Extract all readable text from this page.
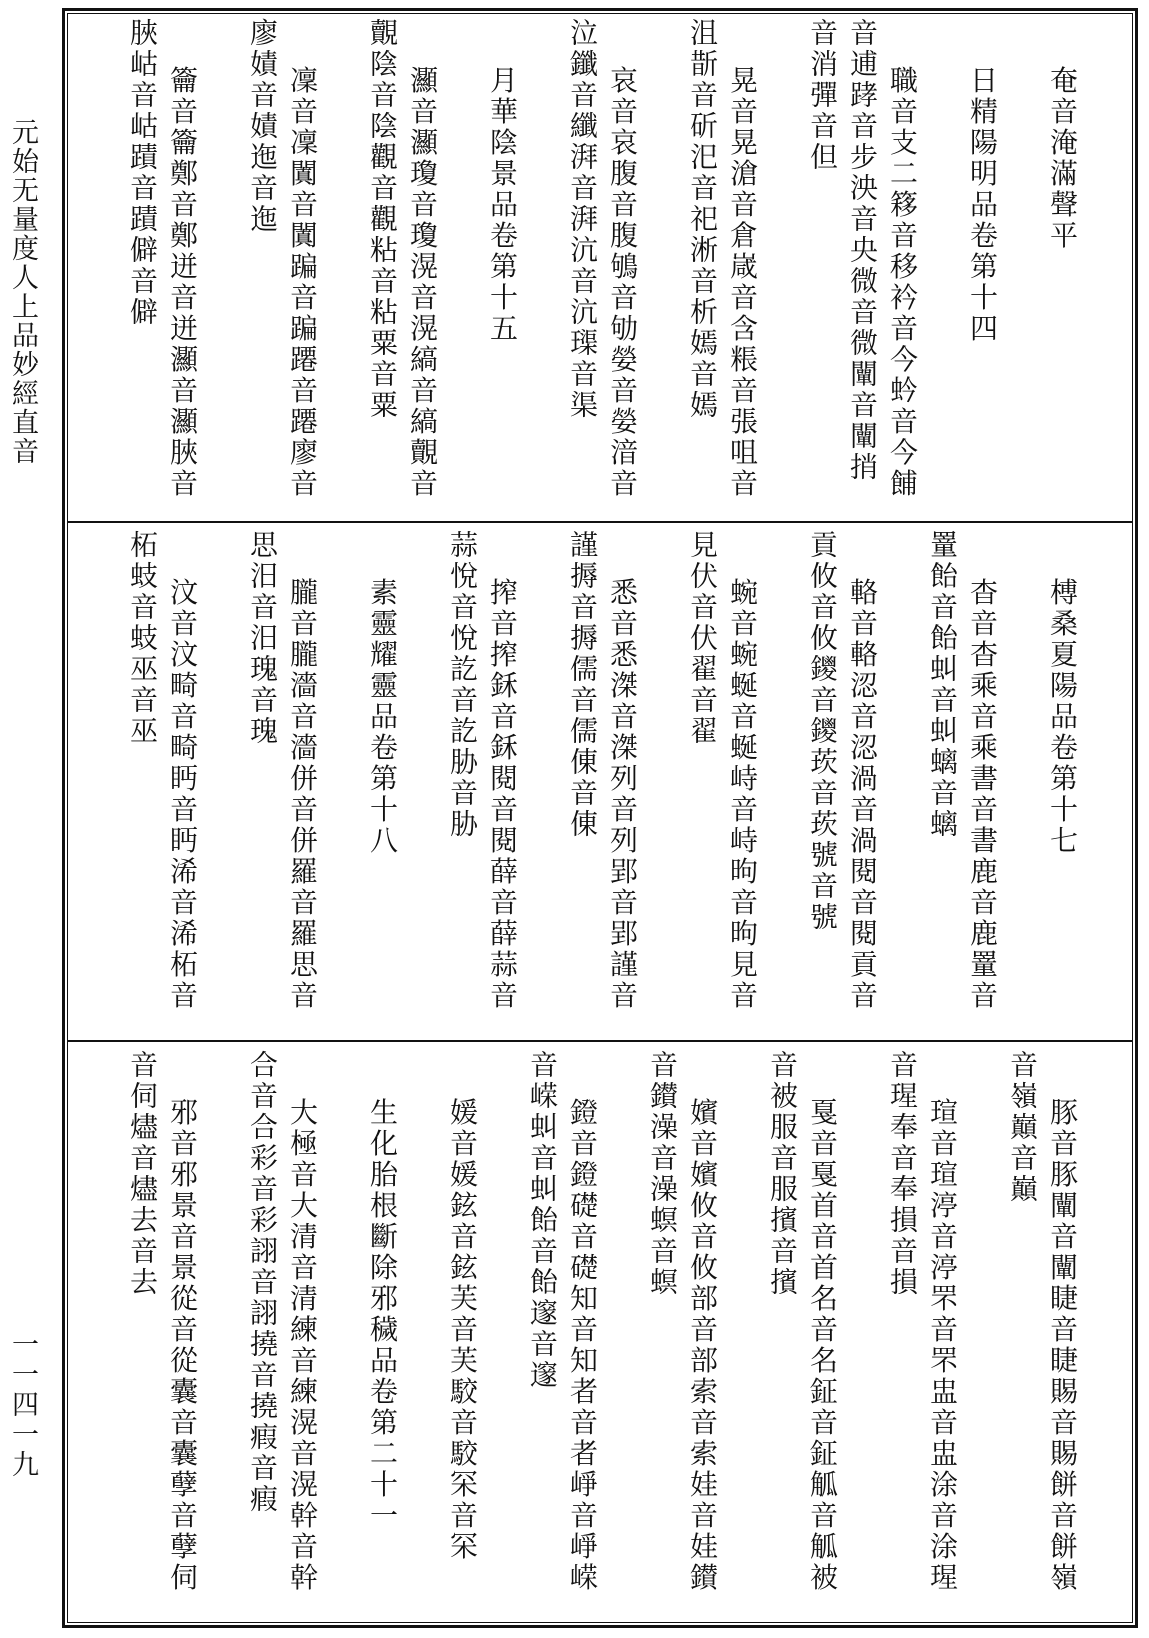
元始无量度人上品妙經直音
一一四一九

奄音淹滿聲平

日精陽明品卷第十四

職音支二簃音移衿音今蚙音今餔音逋踍音步泱音央微音微闡音闡捎音消彈音但

晃音晃滄音倉嵅音含粻音張咀音沮斮音斫汜音祀淅音析嫣音嫣

哀音哀腹音腹鴝音劬嫈音嫈湆音泣鑯音纖湃音湃沆音沆璖音渠

月華陰景品卷第十五

灦音灦瓊音瓊滉音滉縞音縞覿音覿陰音陰觀音觀粘音粘粟音粟

凜音凜闐音闐蹁音蹁蹮音蹮廖音廖嫧音嫧迤音迤

籥音籥鄭音鄭迸音迸灦音灦脥音脥岵音岵蹟音蹟僻音僻

榑桑夏陽品卷第十七

杳音杳乘音乘書音書鹿音鹿罿音罿飴音飴虯音虯螭音螭

輅音輅涊音涊渦音渦閱音閱貢音貢攸音攸鑁音鑁莰音莰號音號

蜿音蜿蜒音蜒峙音峙昫音昫見音見伏音伏翟音翟

悉音悉滐音滐列音列郢音郢謹音謹搙音搙儒音儒倲音倲

搾音搾鉌音鉌閱音閱薛音薛蒜音蒜悅音悅訖音訖胁音胁

素靈耀靈品卷第十八

朧音朧濇音濇併音併羅音羅思音思汨音汨瑰音瑰

汶音汶畸音畸眄音眄浠音浠柘音柘蚑音蚑巫音巫

豚音豚闡音闡睫音睫賜音賜餅音餅嶺音嶺巔音巔

瑄音瑄渟音渟罘音罘盅音盅涂音涂瑆音瑆奉音奉損音損

戛音戛首音首名音名鉦音鉦觚音觚被音被服音服擯音擯

嬪音嬪攸音攸部音部索音索娃音娃鑚音鑚澡音澡螟音螟

鐙音鐙礎音礎知音知者音者崢音崢嵘音嵘虯音虯飴音飴邃音邃

媛音媛鉉音鉉芙音芙駮音駮罙音罙

生化胎根斷除邪穢品卷第二十一

大極音大清音清練音練滉音滉幹音幹合音合彩音彩詡音詡撓音撓瘕音瘕

邪音邪景音景從音從囊音囊孽音孽伺音伺燼音燼去音去
